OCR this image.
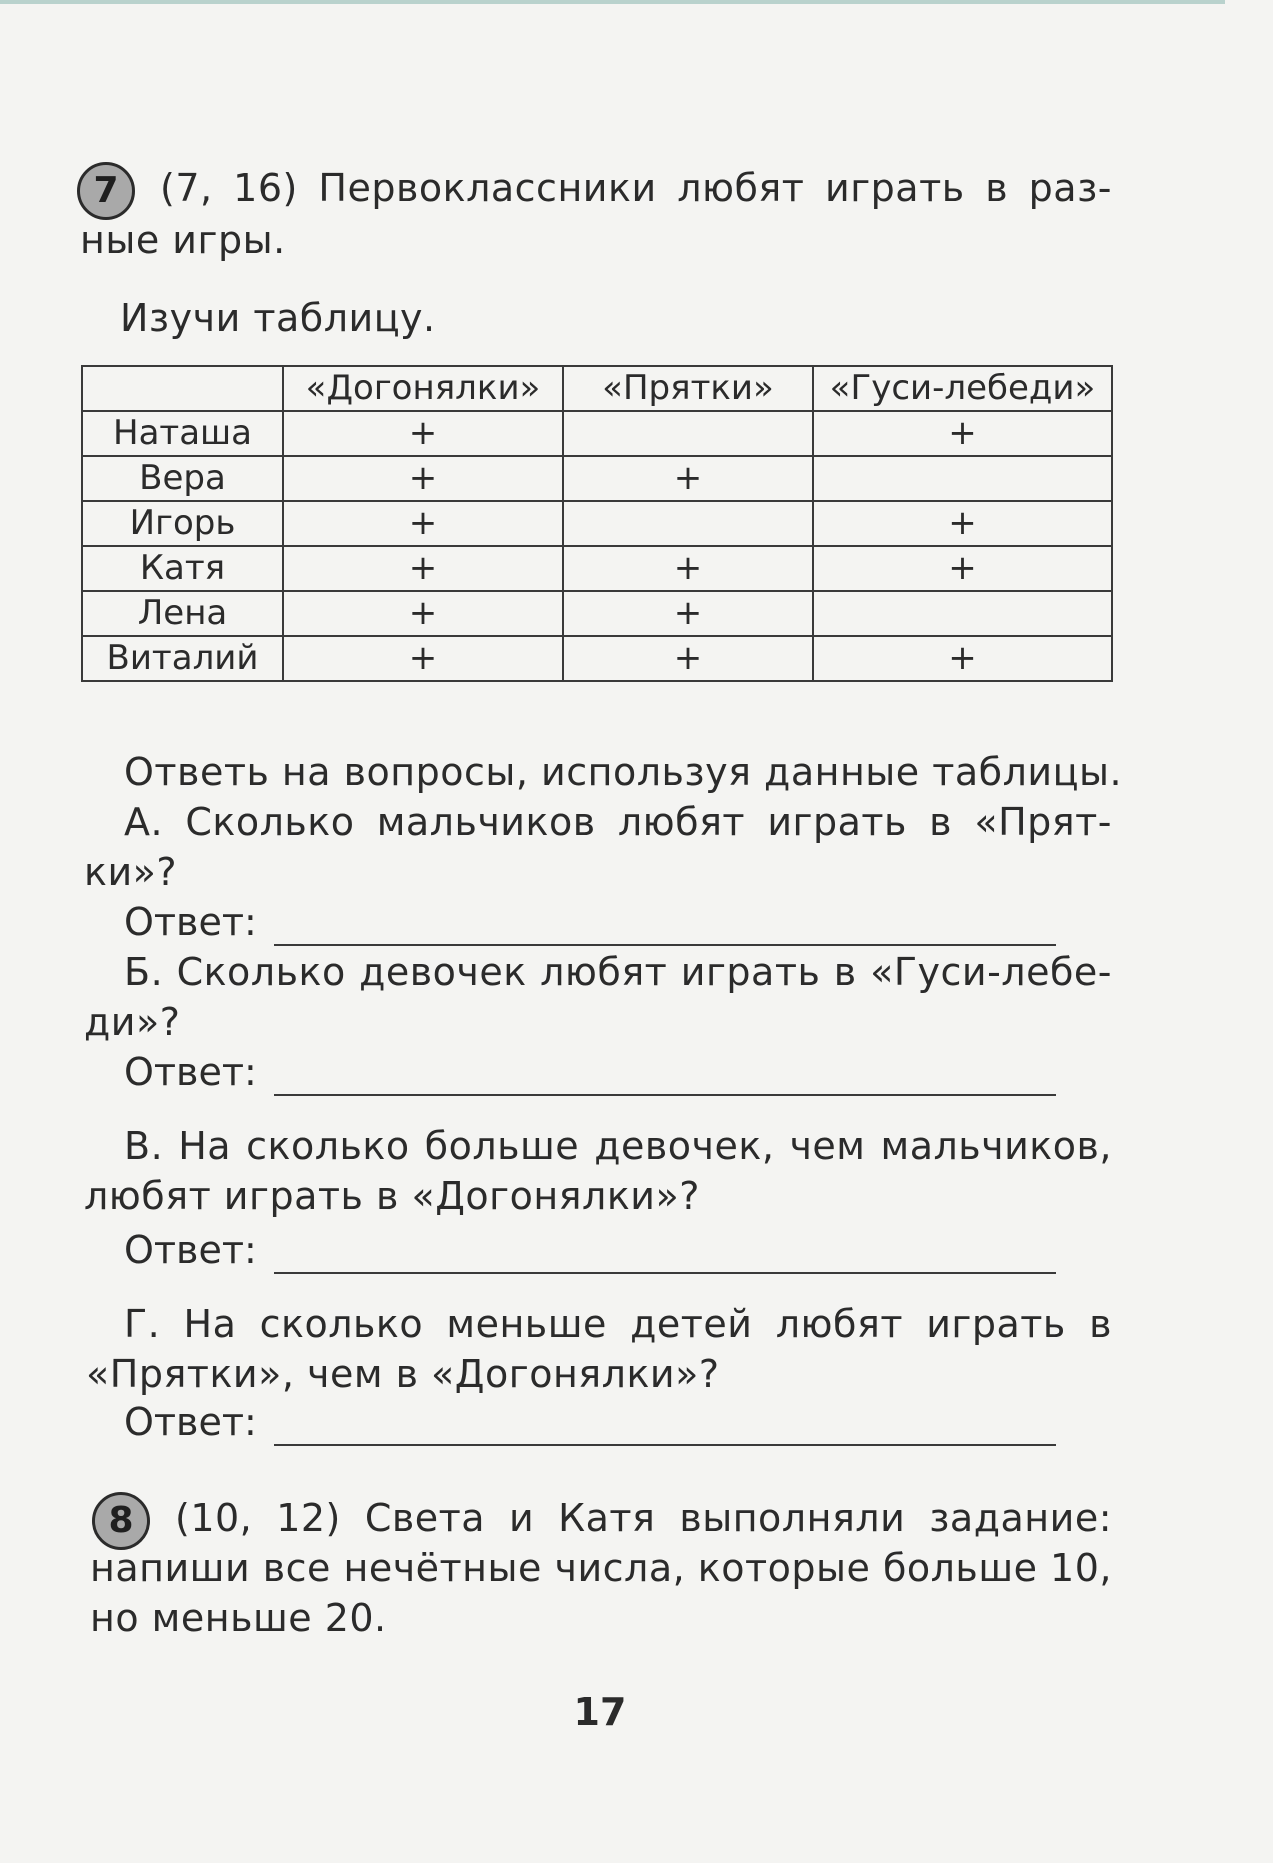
7	(7, 16) Первоклассники любят играть в раз-
ные игры.
Изучи таблицу.
	«Догонялки»	«Прятки»	«Гуси-лебеди»
Наташа	+		+
Вера	+	+	
Игорь	+		+
Катя	+	+	+
Лена	+	+	
Виталий	+	+	+
Ответь на вопросы, используя данные таблицы.
А. Сколько мальчиков любят играть в «Прят-
ки»?
Ответ:
Б. Сколько девочек любят играть в «Гуси-лебе-
ди»?
Ответ:
В. На сколько больше девочек, чем мальчиков,
любят играть в «Догонялки»?
Ответ:
Г. На сколько меньше детей любят играть в
«Прятки», чем в «Догонялки»?
Ответ:
8	(10, 12) Света и Катя выполняли задание:
напиши все нечётные числа, которые больше 10,
но меньше 20.
17
